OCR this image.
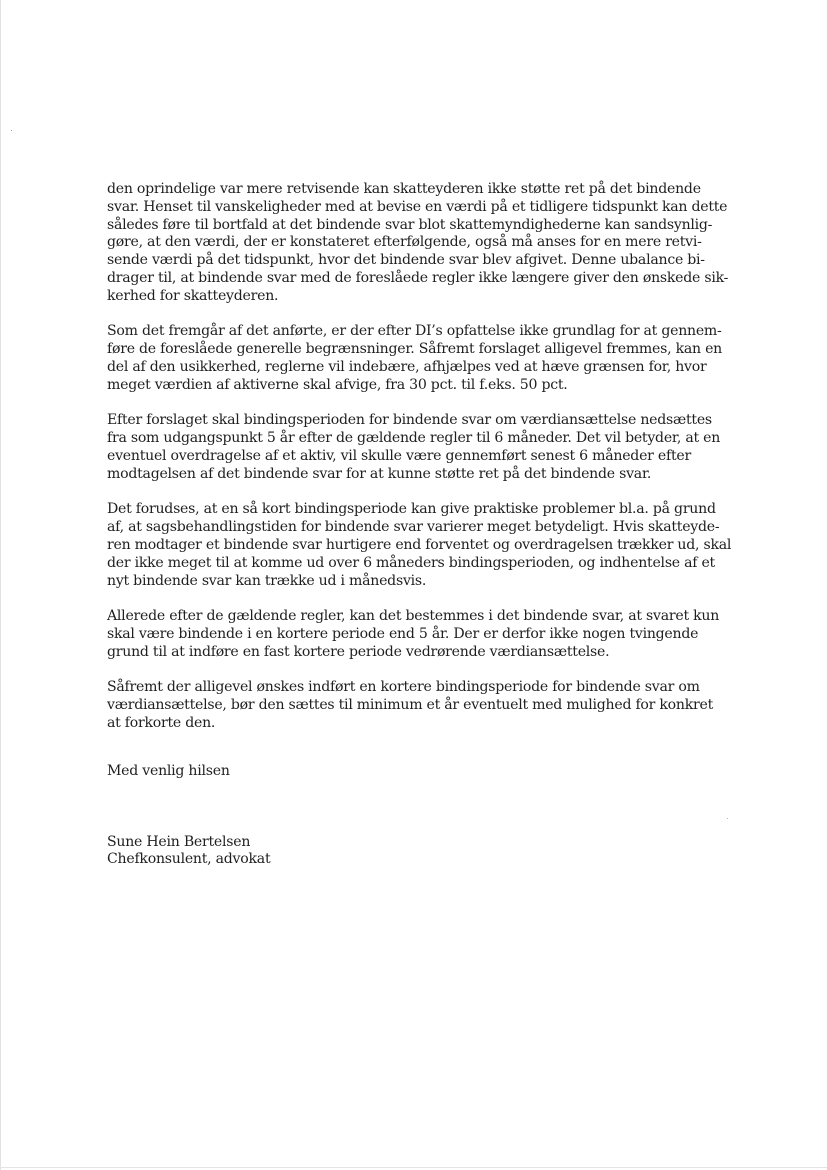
den oprindelige var mere retvisende kan skatteyderen ikke støtte ret på det bindende
svar. Henset til vanskeligheder med at bevise en værdi på et tidligere tidspunkt kan dette
således føre til bortfald at det bindende svar blot skattemyndighederne kan sandsynlig-
gøre, at den værdi, der er konstateret efterfølgende, også må anses for en mere retvi-
sende værdi på det tidspunkt, hvor det bindende svar blev afgivet. Denne ubalance bi-
drager til, at bindende svar med de foreslåede regler ikke længere giver den ønskede sik-
kerhed for skatteyderen.

Som det fremgår af det anførte, er der efter DI’s opfattelse ikke grundlag for at gennem-
føre de foreslåede generelle begrænsninger. Såfremt forslaget alligevel fremmes, kan en
del af den usikkerhed, reglerne vil indebære, afhjælpes ved at hæve grænsen for, hvor
meget værdien af aktiverne skal afvige, fra 30 pct. til f.eks. 50 pct.

Efter forslaget skal bindingsperioden for bindende svar om værdiansættelse nedsættes
fra som udgangspunkt 5 år efter de gældende regler til 6 måneder. Det vil betyder, at en
eventuel overdragelse af et aktiv, vil skulle være gennemført senest 6 måneder efter
modtagelsen af det bindende svar for at kunne støtte ret på det bindende svar.

Det forudses, at en så kort bindingsperiode kan give praktiske problemer bl.a. på grund
af, at sagsbehandlingstiden for bindende svar varierer meget betydeligt. Hvis skatteyde-
ren modtager et bindende svar hurtigere end forventet og overdragelsen trækker ud, skal
der ikke meget til at komme ud over 6 måneders bindingsperioden, og indhentelse af et
nyt bindende svar kan trække ud i månedsvis.

Allerede efter de gældende regler, kan det bestemmes i det bindende svar, at svaret kun
skal være bindende i en kortere periode end 5 år. Der er derfor ikke nogen tvingende
grund til at indføre en fast kortere periode vedrørende værdiansættelse.

Såfremt der alligevel ønskes indført en kortere bindingsperiode for bindende svar om
værdiansættelse, bør den sættes til minimum et år eventuelt med mulighed for konkret
at forkorte den.

Med venlig hilsen

Sune Hein Bertelsen
Chefkonsulent, advokat
